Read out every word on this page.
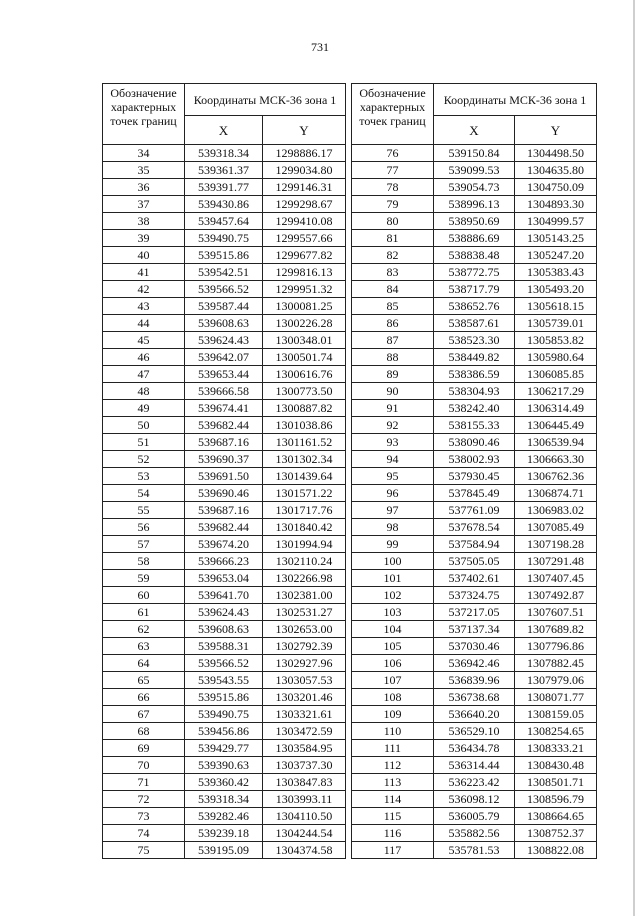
731
Обозначение характерных точек границ	Координаты МСК-36 зона 1	
	X	Y
34	539318.34	1298886.17
35	539361.37	1299034.80
36	539391.77	1299146.31
37	539430.86	1299298.67
38	539457.64	1299410.08
39	539490.75	1299557.66
40	539515.86	1299677.82
41	539542.51	1299816.13
42	539566.52	1299951.32
43	539587.44	1300081.25
44	539608.63	1300226.28
45	539624.43	1300348.01
46	539642.07	1300501.74
47	539653.44	1300616.76
48	539666.58	1300773.50
49	539674.41	1300887.82
50	539682.44	1301038.86
51	539687.16	1301161.52
52	539690.37	1301302.34
53	539691.50	1301439.64
54	539690.46	1301571.22
55	539687.16	1301717.76
56	539682.44	1301840.42
57	539674.20	1301994.94
58	539666.23	1302110.24
59	539653.04	1302266.98
60	539641.70	1302381.00
61	539624.43	1302531.27
62	539608.63	1302653.00
63	539588.31	1302792.39
64	539566.52	1302927.96
65	539543.55	1303057.53
66	539515.86	1303201.46
67	539490.75	1303321.61
68	539456.86	1303472.59
69	539429.77	1303584.95
70	539390.63	1303737.30
71	539360.42	1303847.83
72	539318.34	1303993.11
73	539282.46	1304110.50
74	539239.18	1304244.54
75	539195.09	1304374.58
Обозначение характерных точек границ	Координаты МСК-36 зона 1	
	X	Y
76	539150.84	1304498.50
77	539099.53	1304635.80
78	539054.73	1304750.09
79	538996.13	1304893.30
80	538950.69	1304999.57
81	538886.69	1305143.25
82	538838.48	1305247.20
83	538772.75	1305383.43
84	538717.79	1305493.20
85	538652.76	1305618.15
86	538587.61	1305739.01
87	538523.30	1305853.82
88	538449.82	1305980.64
89	538386.59	1306085.85
90	538304.93	1306217.29
91	538242.40	1306314.49
92	538155.33	1306445.49
93	538090.46	1306539.94
94	538002.93	1306663.30
95	537930.45	1306762.36
96	537845.49	1306874.71
97	537761.09	1306983.02
98	537678.54	1307085.49
99	537584.94	1307198.28
100	537505.05	1307291.48
101	537402.61	1307407.45
102	537324.75	1307492.87
103	537217.05	1307607.51
104	537137.34	1307689.82
105	537030.46	1307796.86
106	536942.46	1307882.45
107	536839.96	1307979.06
108	536738.68	1308071.77
109	536640.20	1308159.05
110	536529.10	1308254.65
111	536434.78	1308333.21
112	536314.44	1308430.48
113	536223.42	1308501.71
114	536098.12	1308596.79
115	536005.79	1308664.65
116	535882.56	1308752.37
117	535781.53	1308822.08
